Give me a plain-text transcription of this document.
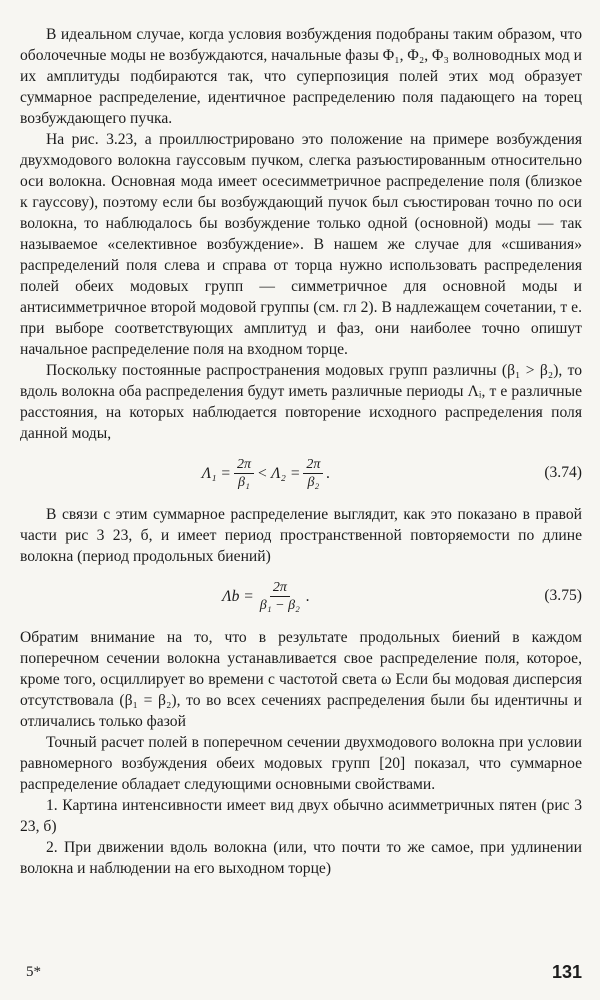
В идеальном случае, когда условия возбуждения подобраны таким образом, что оболочечные моды не возбуждаются, начальные фазы Φ₁, Φ₂, Φ₃ волноводных мод и их амплитуды подбираются так, что суперпозиция полей этих мод образует суммарное распределение, идентичное распределению поля падающего на торец возбуждающего пучка.

На рис. 3.23, а проиллюстрировано это положение на примере возбуждения двухмодового волокна гауссовым пучком, слегка разъюстированным относительно оси волокна. Основная мода имеет осесимметричное распределение поля (близкое к гауссову), поэтому если бы возбуждающий пучок был съюстирован точно по оси волокна, то наблюдалось бы возбуждение только одной (основной) моды — так называемое «селективное возбуждение». В нашем же случае для «сшивания» распределений поля слева и справа от торца нужно использовать распределения полей обеих модовых групп — симметричное для основной моды и антисимметричное второй модовой группы (см. гл 2). В надлежащем сочетании, т е. при выборе соответствующих амплитуд и фаз, они наиболее точно опишут начальное распределение поля на входном торце.

Поскольку постоянные распространения модовых групп различны (β₁ > β₂), то вдоль волокна оба распределения будут иметь различные периоды Λᵢ, т е различные расстояния, на которых наблюдается повторение исходного распределения поля данной моды,

$\Lambda_1 = \frac{2\pi}{\text{β₁}} < \Lambda_2 = \frac{2\pi}{\text{β₂}}$ .	(3.74)

В связи с этим суммарное распределение выглядит, как это показано в правой части рис 3 23, б, и имеет период пространственной повторяемости по длине волокна (период продольных биений)

$\Lambda b = \frac{2\pi}{\text{β₁ − β₂}}$ .	(3.75)

Обратим внимание на то, что в результате продольных биений в каждом поперечном сечении волокна устанавливается свое распределение поля, которое, кроме того, осциллирует во времени с частотой света ω Если бы модовая дисперсия отсутствовала (β₁ = β₂), то во всех сечениях распределения были бы идентичны и отличались только фазой

Точный расчет полей в поперечном сечении двухмодового волокна при условии равномерного возбуждения обеих модовых групп [20] показал, что суммарное распределение обладает следующими основными свойствами.

1. Картина интенсивности имеет вид двух обычно асимметричных пятен (рис 3 23, б)

2. При движении вдоль волокна (или, что почти то же самое, при удлинении волокна и наблюдении на его выходном торце)

5*	131
